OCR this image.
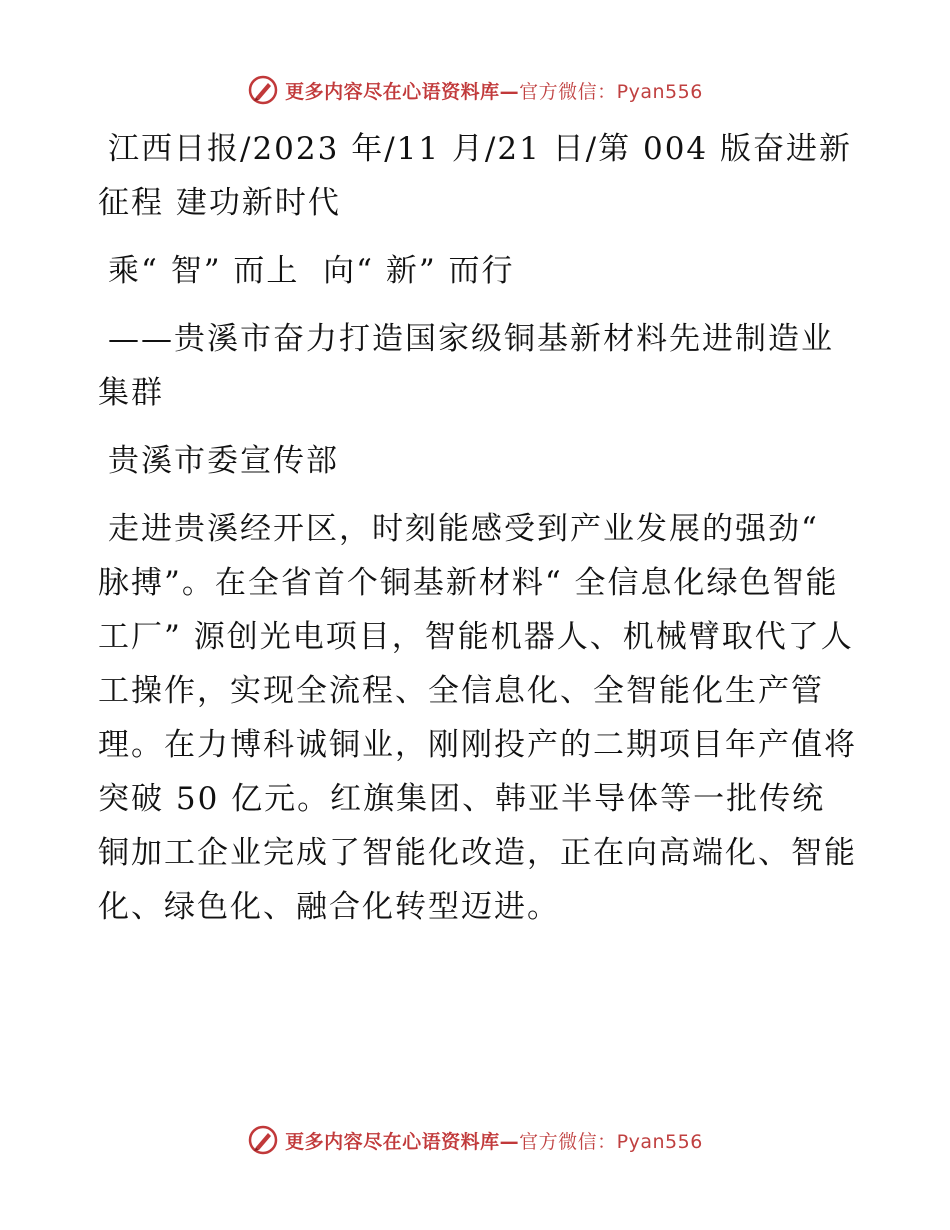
更多内容尽在心语资料库—官方微信：Pyan556

江西日报/2023 年/11 月/21 日/第 004 版奋进新征程 建功新时代

乘“ 智” 而上  向“ 新” 而行

——贵溪市奋力打造国家级铜基新材料先进制造业集群

贵溪市委宣传部

走进贵溪经开区，时刻能感受到产业发展的强劲“ 脉搏”。在全省首个铜基新材料“ 全信息化绿色智能工厂” 源创光电项目，智能机器人、机械臂取代了人工操作，实现全流程、全信息化、全智能化生产管理。在力博科诚铜业，刚刚投产的二期项目年产值将突破 50 亿元。红旗集团、韩亚半导体等一批传统铜加工企业完成了智能化改造，正在向高端化、智能化、绿色化、融合化转型迈进。

更多内容尽在心语资料库—官方微信：Pyan556
